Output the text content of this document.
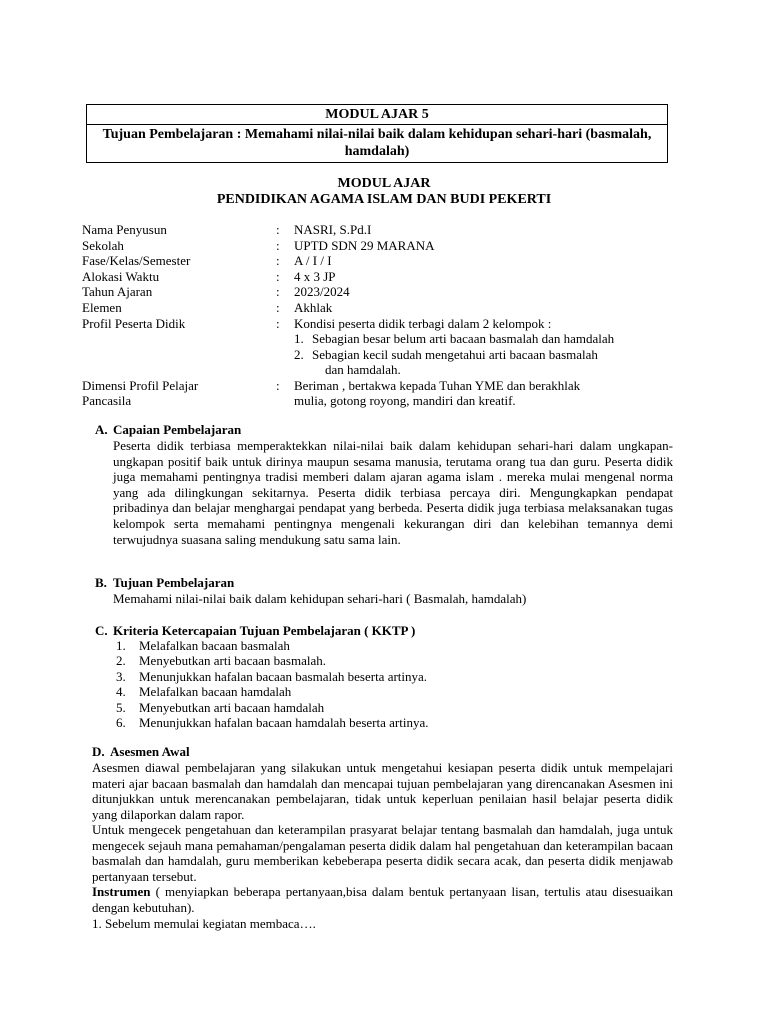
MODUL AJAR 5
Tujuan Pembelajaran : Memahami nilai-nilai baik dalam kehidupan sehari-hari (basmalah, hamdalah)
MODUL AJAR
PENDIDIKAN AGAMA ISLAM DAN BUDI PEKERTI
Nama Penyusun	: NASRI, S.Pd.I
Sekolah	: UPTD SDN 29 MARANA
Fase/Kelas/Semester	: A / I / I
Alokasi Waktu	: 4 x 3 JP
Tahun Ajaran	: 2023/2024
Elemen	: Akhlak
Profil Peserta Didik	: Kondisi peserta didik terbagi dalam 2 kelompok :
1. Sebagian besar belum arti bacaan basmalah dan hamdalah
2. Sebagian kecil sudah mengetahui arti bacaan basmalah
dan hamdalah.
Dimensi Profil Pelajar	: Beriman , bertakwa kepada Tuhan YME dan berakhlak
Pancasila	mulia, gotong royong, mandiri dan kreatif.
A. Capaian Pembelajaran
Peserta didik terbiasa memperaktekkan nilai-nilai baik dalam kehidupan sehari-hari dalam ungkapan- ungkapan positif baik untuk dirinya maupun sesama manusia, terutama orang tua dan guru. Peserta didik juga memahami pentingnya tradisi memberi dalam ajaran agama islam . mereka mulai mengenal norma yang ada dilingkungan sekitarnya. Peserta didik terbiasa percaya diri. Mengungkapkan pendapat pribadinya dan belajar menghargai pendapat yang berbeda. Peserta didik juga terbiasa melaksanakan tugas kelompok serta memahami pentingnya mengenali kekurangan diri dan kelebihan temannya demi terwujudnya suasana saling mendukung satu sama lain.
B. Tujuan Pembelajaran
Memahami nilai-nilai baik dalam kehidupan sehari-hari ( Basmalah, hamdalah)
C. Kriteria Ketercapaian Tujuan Pembelajaran ( KKTP )
1. Melafalkan bacaan basmalah
2. Menyebutkan arti bacaan basmalah.
3. Menunjukkan hafalan bacaan basmalah beserta artinya.
4. Melafalkan bacaan hamdalah
5. Menyebutkan arti bacaan hamdalah
6. Menunjukkan hafalan bacaan hamdalah beserta artinya.
D. Asesmen Awal
Asesmen diawal pembelajaran yang silakukan untuk mengetahui kesiapan peserta didik untuk mempelajari materi ajar bacaan basmalah dan hamdalah dan mencapai tujuan pembelajaran yang direncanakan Asesmen ini ditunjukkan untuk merencanakan pembelajaran, tidak untuk keperluan penilaian hasil belajar peserta didik yang dilaporkan dalam rapor.
Untuk mengecek pengetahuan dan keterampilan prasyarat belajar tentang basmalah dan hamdalah, juga untuk mengecek sejauh mana pemahaman/pengalaman peserta didik dalam hal pengetahuan dan keterampilan bacaan basmalah dan hamdalah, guru memberikan kebeberapa peserta didik secara acak, dan peserta didik menjawab pertanyaan tersebut.
Instrumen ( menyiapkan beberapa pertanyaan,bisa dalam bentuk pertanyaan lisan, tertulis atau disesuaikan dengan kebutuhan).
1. Sebelum memulai kegiatan membaca….
